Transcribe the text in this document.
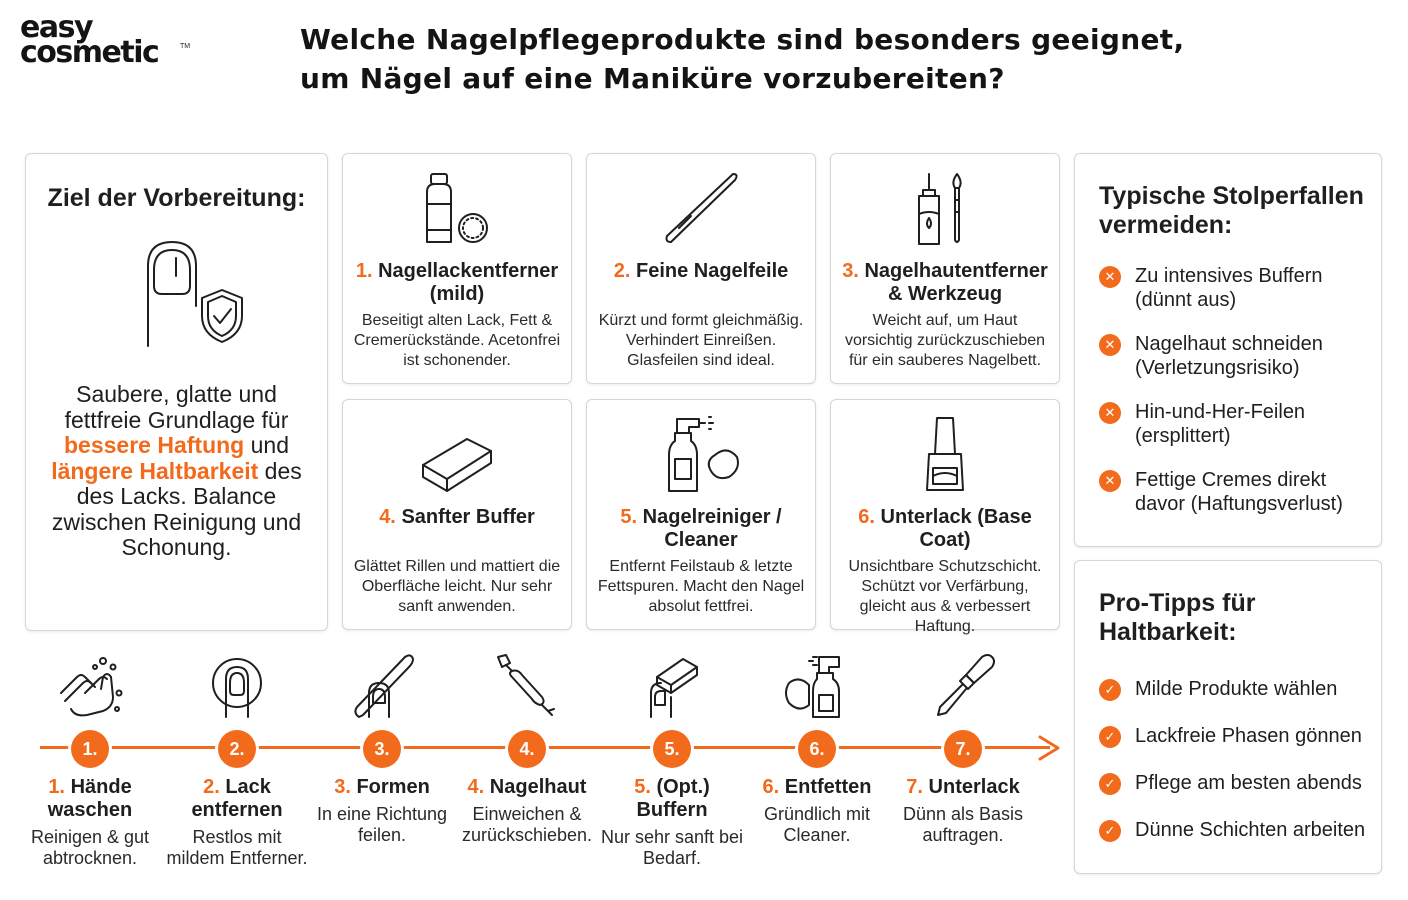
easy
cosmetic	TM	Welche Nagelpflegeprodukte sind besonders geeignet, um Nägel auf eine Maniküre vorzubereiten?
Ziel der Vorbereitung:
Saubere, glatte und fettfreie Grundlage für bessere Haftung und längere Haltbarkeit des des Lacks. Balance zwischen Reinigung und Schonung.
1. Nagellackentferner (mild)
Beseitigt alten Lack, Fett & Cremerückstände. Acetonfrei ist schonender.
2. Feine Nagelfeile
Kürzt und formt gleichmäßig. Verhindert Einreißen. Glasfeilen sind ideal.
3. Nagelhautentferner & Werkzeug
Weicht auf, um Haut vorsichtig zurückzuschieben für ein sauberes Nagelbett.
4. Sanfter Buffer
Glättet Rillen und mattiert die Oberfläche leicht. Nur sehr sanft anwenden.
5. Nagelreiniger / Cleaner
Entfernt Feilstaub & letzte Fettspuren. Macht den Nagel absolut fettfrei.
6. Unterlack (Base Coat)
Unsichtbare Schutzschicht. Schützt vor Verfärbung, gleicht aus & verbessert Haftung.
Typische Stolperfallen vermeiden:
✕ Zu intensives Buffern (dünnt aus)
✕ Nagelhaut schneiden (Verletzungsrisiko)
✕ Hin-und-Her-Feilen (ersplittert)
✕ Fettige Cremes direkt davor (Haftungsverlust)
Pro-Tipps für Haltbarkeit:
✓ Milde Produkte wählen
✓ Lackfreie Phasen gönnen
✓ Pflege am besten abends
✓ Dünne Schichten arbeiten
1.
1. Hände waschen
Reinigen & gut abtrocknen.
2.
2. Lack entfernen
Restlos mit mildem Entferner.
3.
3. Formen
In eine Richtung feilen.
4.
4. Nagelhaut
Einweichen & zurückschieben.
5.
5. (Opt.) Buffern
Nur sehr sanft bei Bedarf.
6.
6. Entfetten
Gründlich mit Cleaner.
7.
7. Unterlack
Dünn als Basis auftragen.
